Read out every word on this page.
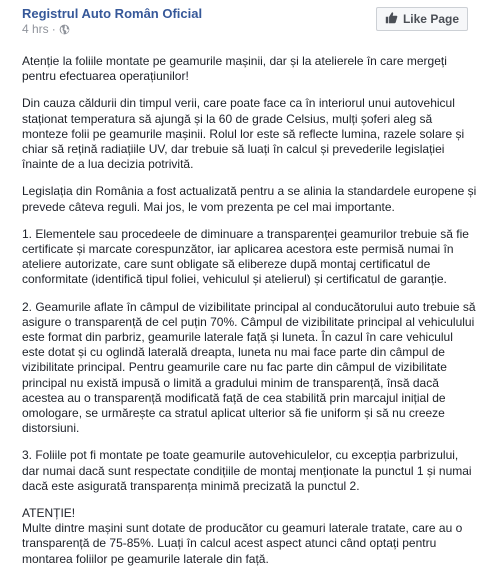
Registrul Auto Român Oficial
4 hrs ·
Like Page

Atenție la foliile montate pe geamurile mașinii, dar și la atelierele în care mergeți pentru efectuarea operațiunilor!

Din cauza căldurii din timpul verii, care poate face ca în interiorul unui autovehicul staționat temperatura să ajungă și la 60 de grade Celsius, mulți șoferi aleg să monteze folii pe geamurile mașinii. Rolul lor este să reflecte lumina, razele solare și chiar să rețină radiațiile UV, dar trebuie să luați în calcul și prevederile legislației înainte de a lua decizia potrivită.

Legislația din România a fost actualizată pentru a se alinia la standardele europene și prevede câteva reguli. Mai jos, le vom prezenta pe cel mai importante.

1. Elementele sau procedeele de diminuare a transparenței geamurilor trebuie să fie certificate și marcate corespunzător, iar aplicarea acestora este permisă numai în ateliere autorizate, care sunt obligate să elibereze după montaj certificatul de conformitate (identifică tipul foliei, vehiculul și atelierul) și certificatul de garanție.

2. Geamurile aflate în câmpul de vizibilitate principal al conducătorului auto trebuie să asigure o transparență de cel puțin 70%. Câmpul de vizibilitate principal al vehiculului este format din parbriz, geamurile laterale față și luneta. În cazul în care vehiculul este dotat și cu oglindă laterală dreapta, luneta nu mai face parte din câmpul de vizibilitate principal. Pentru geamurile care nu fac parte din câmpul de vizibilitate principal nu există impusă o limită a gradului minim de transparență, însă dacă acestea au o transparență modificată față de cea stabilită prin marcajul inițial de omologare, se urmărește ca stratul aplicat ulterior să fie uniform și să nu creeze distorsiuni.

3. Foliile pot fi montate pe toate geamurile autovehiculelor, cu excepția parbrizului, dar numai dacă sunt respectate condițiile de montaj menționate la punctul 1 și numai dacă este asigurată transparența minimă precizată la punctul 2.

ATENȚIE!

Multe dintre mașini sunt dotate de producător cu geamuri laterale tratate, care au o transparență de 75-85%. Luați în calcul acest aspect atunci când optați pentru montarea foliilor pe geamurile laterale din față.
